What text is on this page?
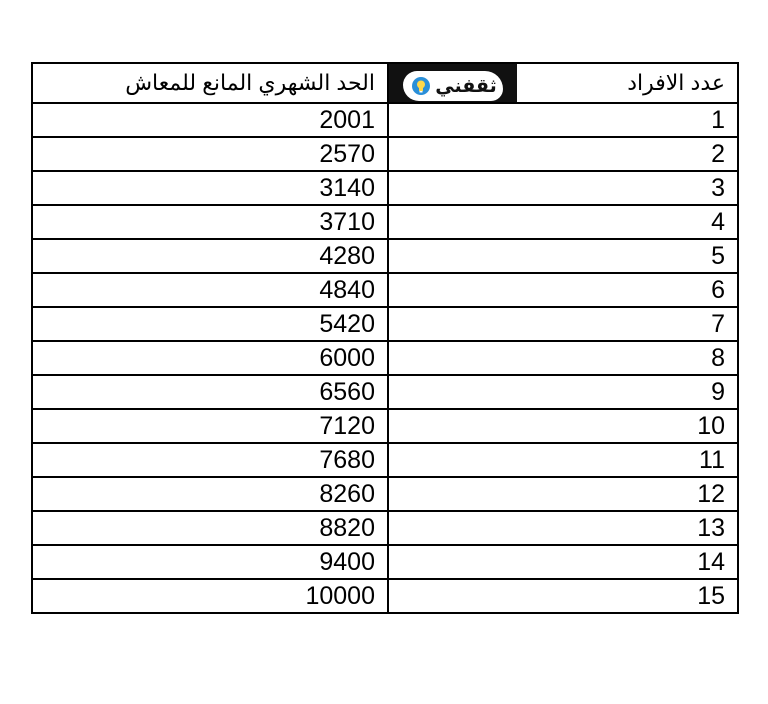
الحد الشهري المانع للمعاش	عدد الافراد
ثقفني

2001	1
2570	2
3140	3
3710	4
4280	5
4840	6
5420	7
6000	8
6560	9
7120	10
7680	11
8260	12
8820	13
9400	14
10000	15
